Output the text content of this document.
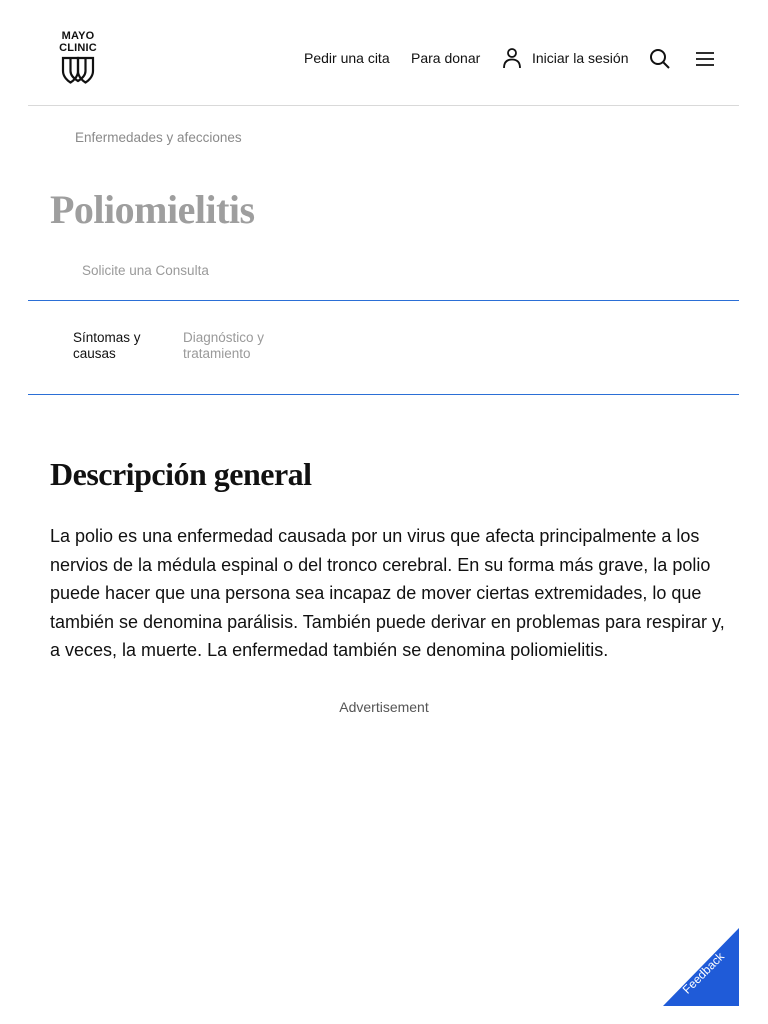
MAYO
CLINIC
Pedir una cita Para donar	Iniciar la sesión
Enfermedades y afecciones
Poliomielitis
Solicite una Consulta
Síntomas y causas
Diagnóstico y tratamiento
Descripción general

La polio es una enfermedad causada por un virus que afecta principalmente a los nervios de la médula espinal o del tronco cerebral. En su forma más grave, la polio puede hacer que una persona sea incapaz de mover ciertas extremidades, lo que también se denomina parálisis. También puede derivar en problemas para respirar y, a veces, la muerte. La enfermedad también se denomina poliomielitis.

Advertisement
Feedback
